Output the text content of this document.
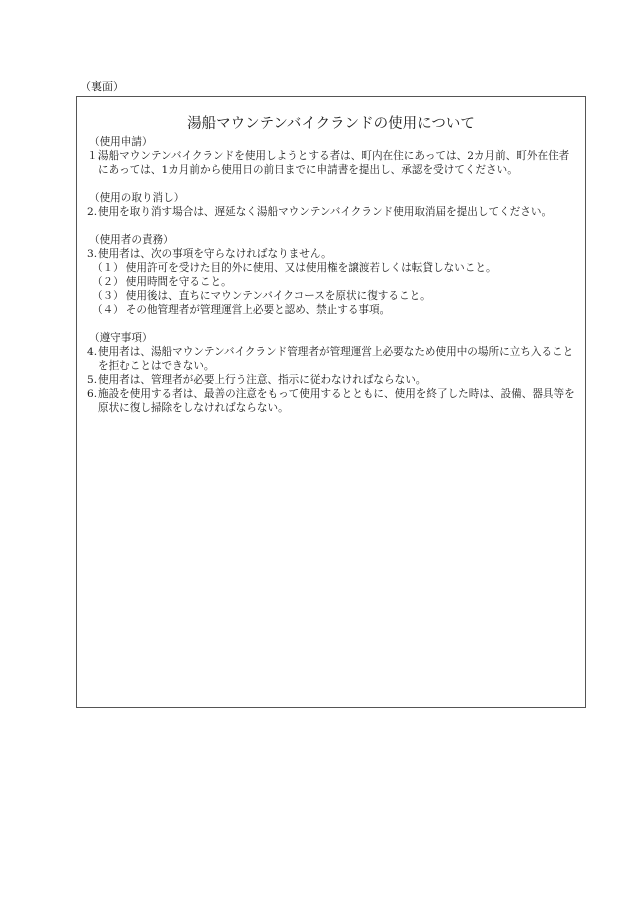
（裏面）
湯船マウンテンバイクランドの使用について
（使用申請）
１.湯船マウンテンバイクランドを使用しようとする者は、町内在住にあっては、2カ月前、町外在住者にあっては、1カ月前から使用日の前日までに申請書を提出し、承認を受けてください。
（使用の取り消し）
2.使用を取り消す場合は、遅延なく湯船マウンテンバイクランド使用取消届を提出してください。
（使用者の責務）
3.使用者は、次の事項を守らなければなりません。
（１） 使用許可を受けた目的外に使用、又は使用権を譲渡若しくは転貸しないこと。
（２） 使用時間を守ること。
（３） 使用後は、直ちにマウンテンバイクコースを原状に復すること。
（４） その他管理者が管理運営上必要と認め、禁止する事項。
（遵守事項）
4.使用者は、湯船マウンテンバイクランド管理者が管理運営上必要なため使用中の場所に立ち入ることを拒むことはできない。
5.使用者は、管理者が必要上行う注意、指示に従わなければならない。
6.施設を使用する者は、最善の注意をもって使用するとともに、使用を終了した時は、設備、器具等を原状に復し掃除をしなければならない。
